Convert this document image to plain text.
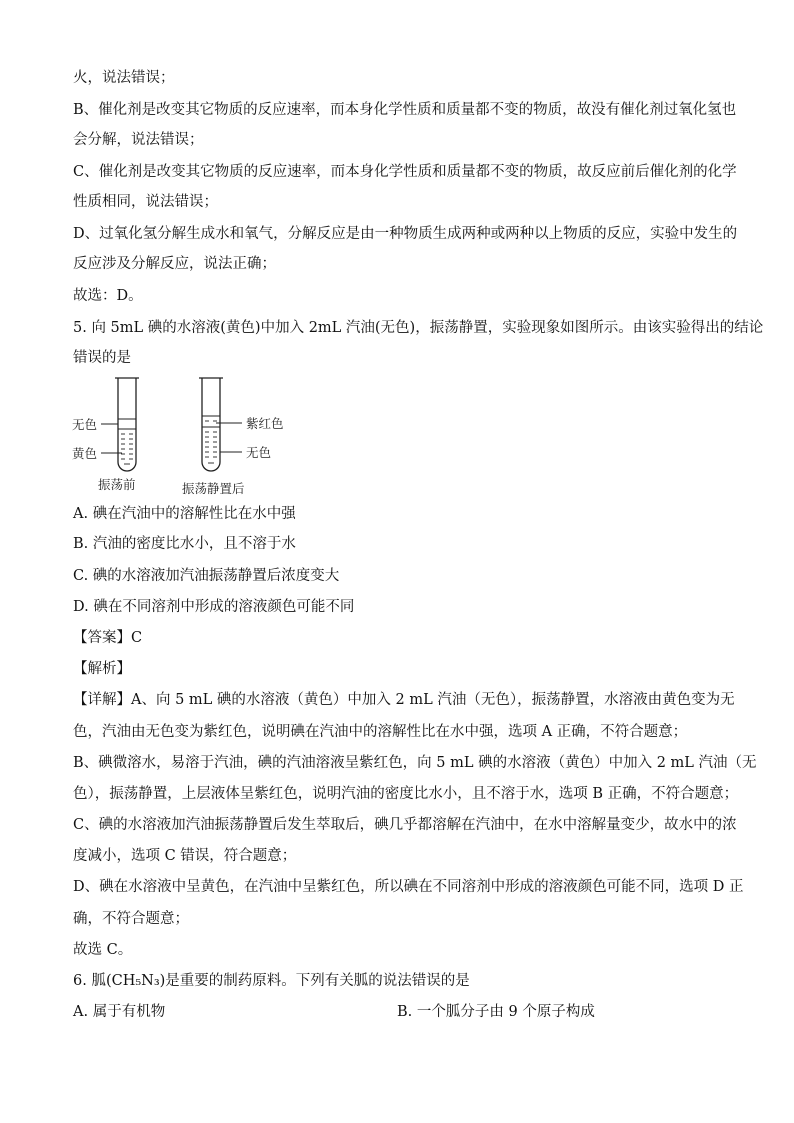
火，说法错误；
B、催化剂是改变其它物质的反应速率，而本身化学性质和质量都不变的物质，故没有催化剂过氧化氢也
会分解，说法错误；
C、催化剂是改变其它物质的反应速率，而本身化学性质和质量都不变的物质，故反应前后催化剂的化学
性质相同，说法错误；
D、过氧化氢分解生成水和氧气，分解反应是由一种物质生成两种或两种以上物质的反应，实验中发生的
反应涉及分解反应，说法正确；
故选：D。
5. 向 5mL 碘的水溶液(黄色)中加入 2mL 汽油(无色)，振荡静置，实验现象如图所示。由该实验得出的结论
错误的是
无色
黄色
紫红色
无色
振荡前	振荡静置后
A. 碘在汽油中的溶解性比在水中强
B. 汽油的密度比水小，且不溶于水
C. 碘的水溶液加汽油振荡静置后浓度变大
D. 碘在不同溶剂中形成的溶液颜色可能不同
【答案】C
【解析】
【详解】A、向 5 mL 碘的水溶液（黄色）中加入 2 mL 汽油（无色），振荡静置，水溶液由黄色变为无
色，汽油由无色变为紫红色，说明碘在汽油中的溶解性比在水中强，选项 A 正确，不符合题意；
B、碘微溶水，易溶于汽油，碘的汽油溶液呈紫红色，向 5 mL 碘的水溶液（黄色）中加入 2 mL 汽油（无
色），振荡静置，上层液体呈紫红色，说明汽油的密度比水小，且不溶于水，选项 B 正确，不符合题意；
C、碘的水溶液加汽油振荡静置后发生萃取后，碘几乎都溶解在汽油中，在水中溶解量变少，故水中的浓
度减小，选项 C 错误，符合题意；
D、碘在水溶液中呈黄色，在汽油中呈紫红色，所以碘在不同溶剂中形成的溶液颜色可能不同，选项 D 正
确，不符合题意；
故选 C。
6. 胍(CH₅N₃)是重要的制药原料。下列有关胍的说法错误的是
A. 属于有机物	B. 一个胍分子由 9 个原子构成
